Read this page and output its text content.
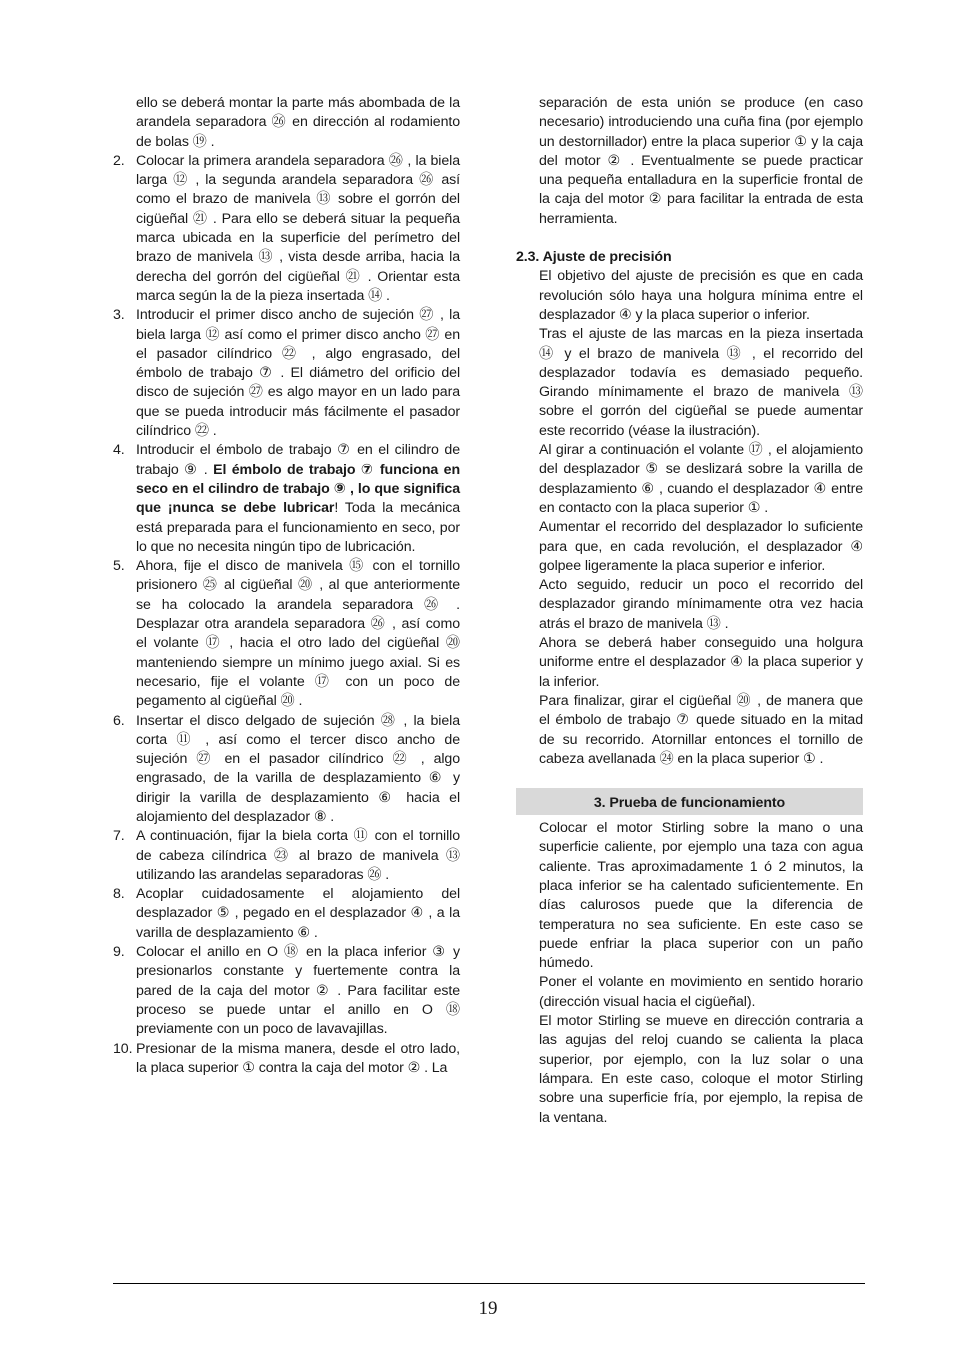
ello se deberá montar la parte más abombada de la arandela separadora ㉖ en dirección al rodamiento de bolas ⑲ .
2. Colocar la primera arandela separadora ㉖ , la biela larga ⑫ , la segunda arandela separadora ㉖ así como el brazo de manivela ⑬ sobre el gorrón del cigüeñal ㉑ . Para ello se deberá situar la pequeña marca ubicada en la superficie del perímetro del brazo de manivela ⑬ , vista desde arriba, hacia la derecha del gorrón del cigüeñal ㉑ . Orientar esta marca según la de la pieza insertada ⑭ .
3. Introducir el primer disco ancho de sujeción ㉗ , la biela larga ⑫ así como el primer disco ancho ㉗ en el pasador cilíndrico ㉒ , algo engrasado, del émbolo de trabajo ⑦ . El diámetro del orificio del disco de sujeción ㉗ es algo mayor en un lado para que se pueda introducir más fácilmente el pasador cilíndrico ㉒ .
4. Introducir el émbolo de trabajo ⑦ en el cilindro de trabajo ⑨ . El émbolo de trabajo ⑦ funciona en seco en el cilindro de trabajo ⑨ , lo que significa que ¡nunca se debe lubricar! Toda la mecánica está preparada para el funcionamiento en seco, por lo que no necesita ningún tipo de lubricación.
5. Ahora, fije el disco de manivela ⑮ con el tornillo prisionero ㉕ al cigüeñal ⑳ , al que anteriormente se ha colocado la arandela separadora ㉖ . Desplazar otra arandela separadora ㉖ , así como el volante ⑰ , hacia el otro lado del cigüeñal ⑳ manteniendo siempre un mínimo juego axial. Si es necesario, fije el volante ⑰ con un poco de pegamento al cigüeñal ⑳ .
6. Insertar el disco delgado de sujeción ㉘ , la biela corta ⑪ , así como el tercer disco ancho de sujeción ㉗ en el pasador cilíndrico ㉒ , algo engrasado, de la varilla de desplazamiento ⑥ y dirigir la varilla de desplazamiento ⑥ hacia el alojamiento del desplazador ⑧ .
7. A continuación, fijar la biela corta ⑪ con el tornillo de cabeza cilíndrica ㉓ al brazo de manivela ⑬ utilizando las arandelas separadoras ㉖ .
8. Acoplar cuidadosamente el alojamiento del desplazador ⑤ , pegado en el desplazador ④ , a la varilla de desplazamiento ⑥ .
9. Colocar el anillo en O ⑱ en la placa inferior ③ y presionarlos constante y fuertemente contra la pared de la caja del motor ② . Para facilitar este proceso se puede untar el anillo en O ⑱ previamente con un poco de lavavajillas.
10. Presionar de la misma manera, desde el otro lado, la placa superior ① contra la caja del motor ② . La
separación de esta unión se produce (en caso necesario) introduciendo una cuña fina (por ejemplo un destornillador) entre la placa superior ① y la caja del motor ② . Eventualmente se puede practicar una pequeña entalladura en la superficie frontal de la caja del motor ② para facilitar la entrada de esta herramienta.
2.3. Ajuste de precisión
El objetivo del ajuste de precisión es que en cada revolución sólo haya una holgura mínima entre el desplazador ④ y la placa superior o inferior.
Tras el ajuste de las marcas en la pieza insertada ⑭ y el brazo de manivela ⑬ , el recorrido del desplazador todavía es demasiado pequeño. Girando mínimamente el brazo de manivela ⑬ sobre el gorrón del cigüeñal se puede aumentar este recorrido (véase la ilustración).
Al girar a continuación el volante ⑰ , el alojamiento del desplazador ⑤ se deslizará sobre la varilla de desplazamiento ⑥ , cuando el desplazador ④ entre en contacto con la placa superior ① .
Aumentar el recorrido del desplazador lo suficiente para que, en cada revolución, el desplazador ④ golpee ligeramente la placa superior e inferior.
Acto seguido, reducir un poco el recorrido del desplazador girando mínimamente otra vez hacia atrás el brazo de manivela ⑬ .
Ahora se deberá haber conseguido una holgura uniforme entre el desplazador ④ la placa superior y la inferior.
Para finalizar, girar el cigüeñal ⑳ , de manera que el émbolo de trabajo ⑦ quede situado en la mitad de su recorrido. Atornillar entonces el tornillo de cabeza avellanada ㉔ en la placa superior ① .
3. Prueba de funcionamiento
Colocar el motor Stirling sobre la mano o una superficie caliente, por ejemplo una taza con agua caliente. Tras aproximadamente 1 ó 2 minutos, la placa inferior se ha calentado suficientemente. En días calurosos puede que la diferencia de temperatura no sea suficiente. En este caso se puede enfriar la placa superior con un paño húmedo.
Poner el volante en movimiento en sentido horario (dirección visual hacia el cigüeñal).
El motor Stirling se mueve en dirección contraria a las agujas del reloj cuando se calienta la placa superior, por ejemplo, con la luz solar o una lámpara. En este caso, coloque el motor Stirling sobre una superficie fría, por ejemplo, la repisa de la ventana.
19
